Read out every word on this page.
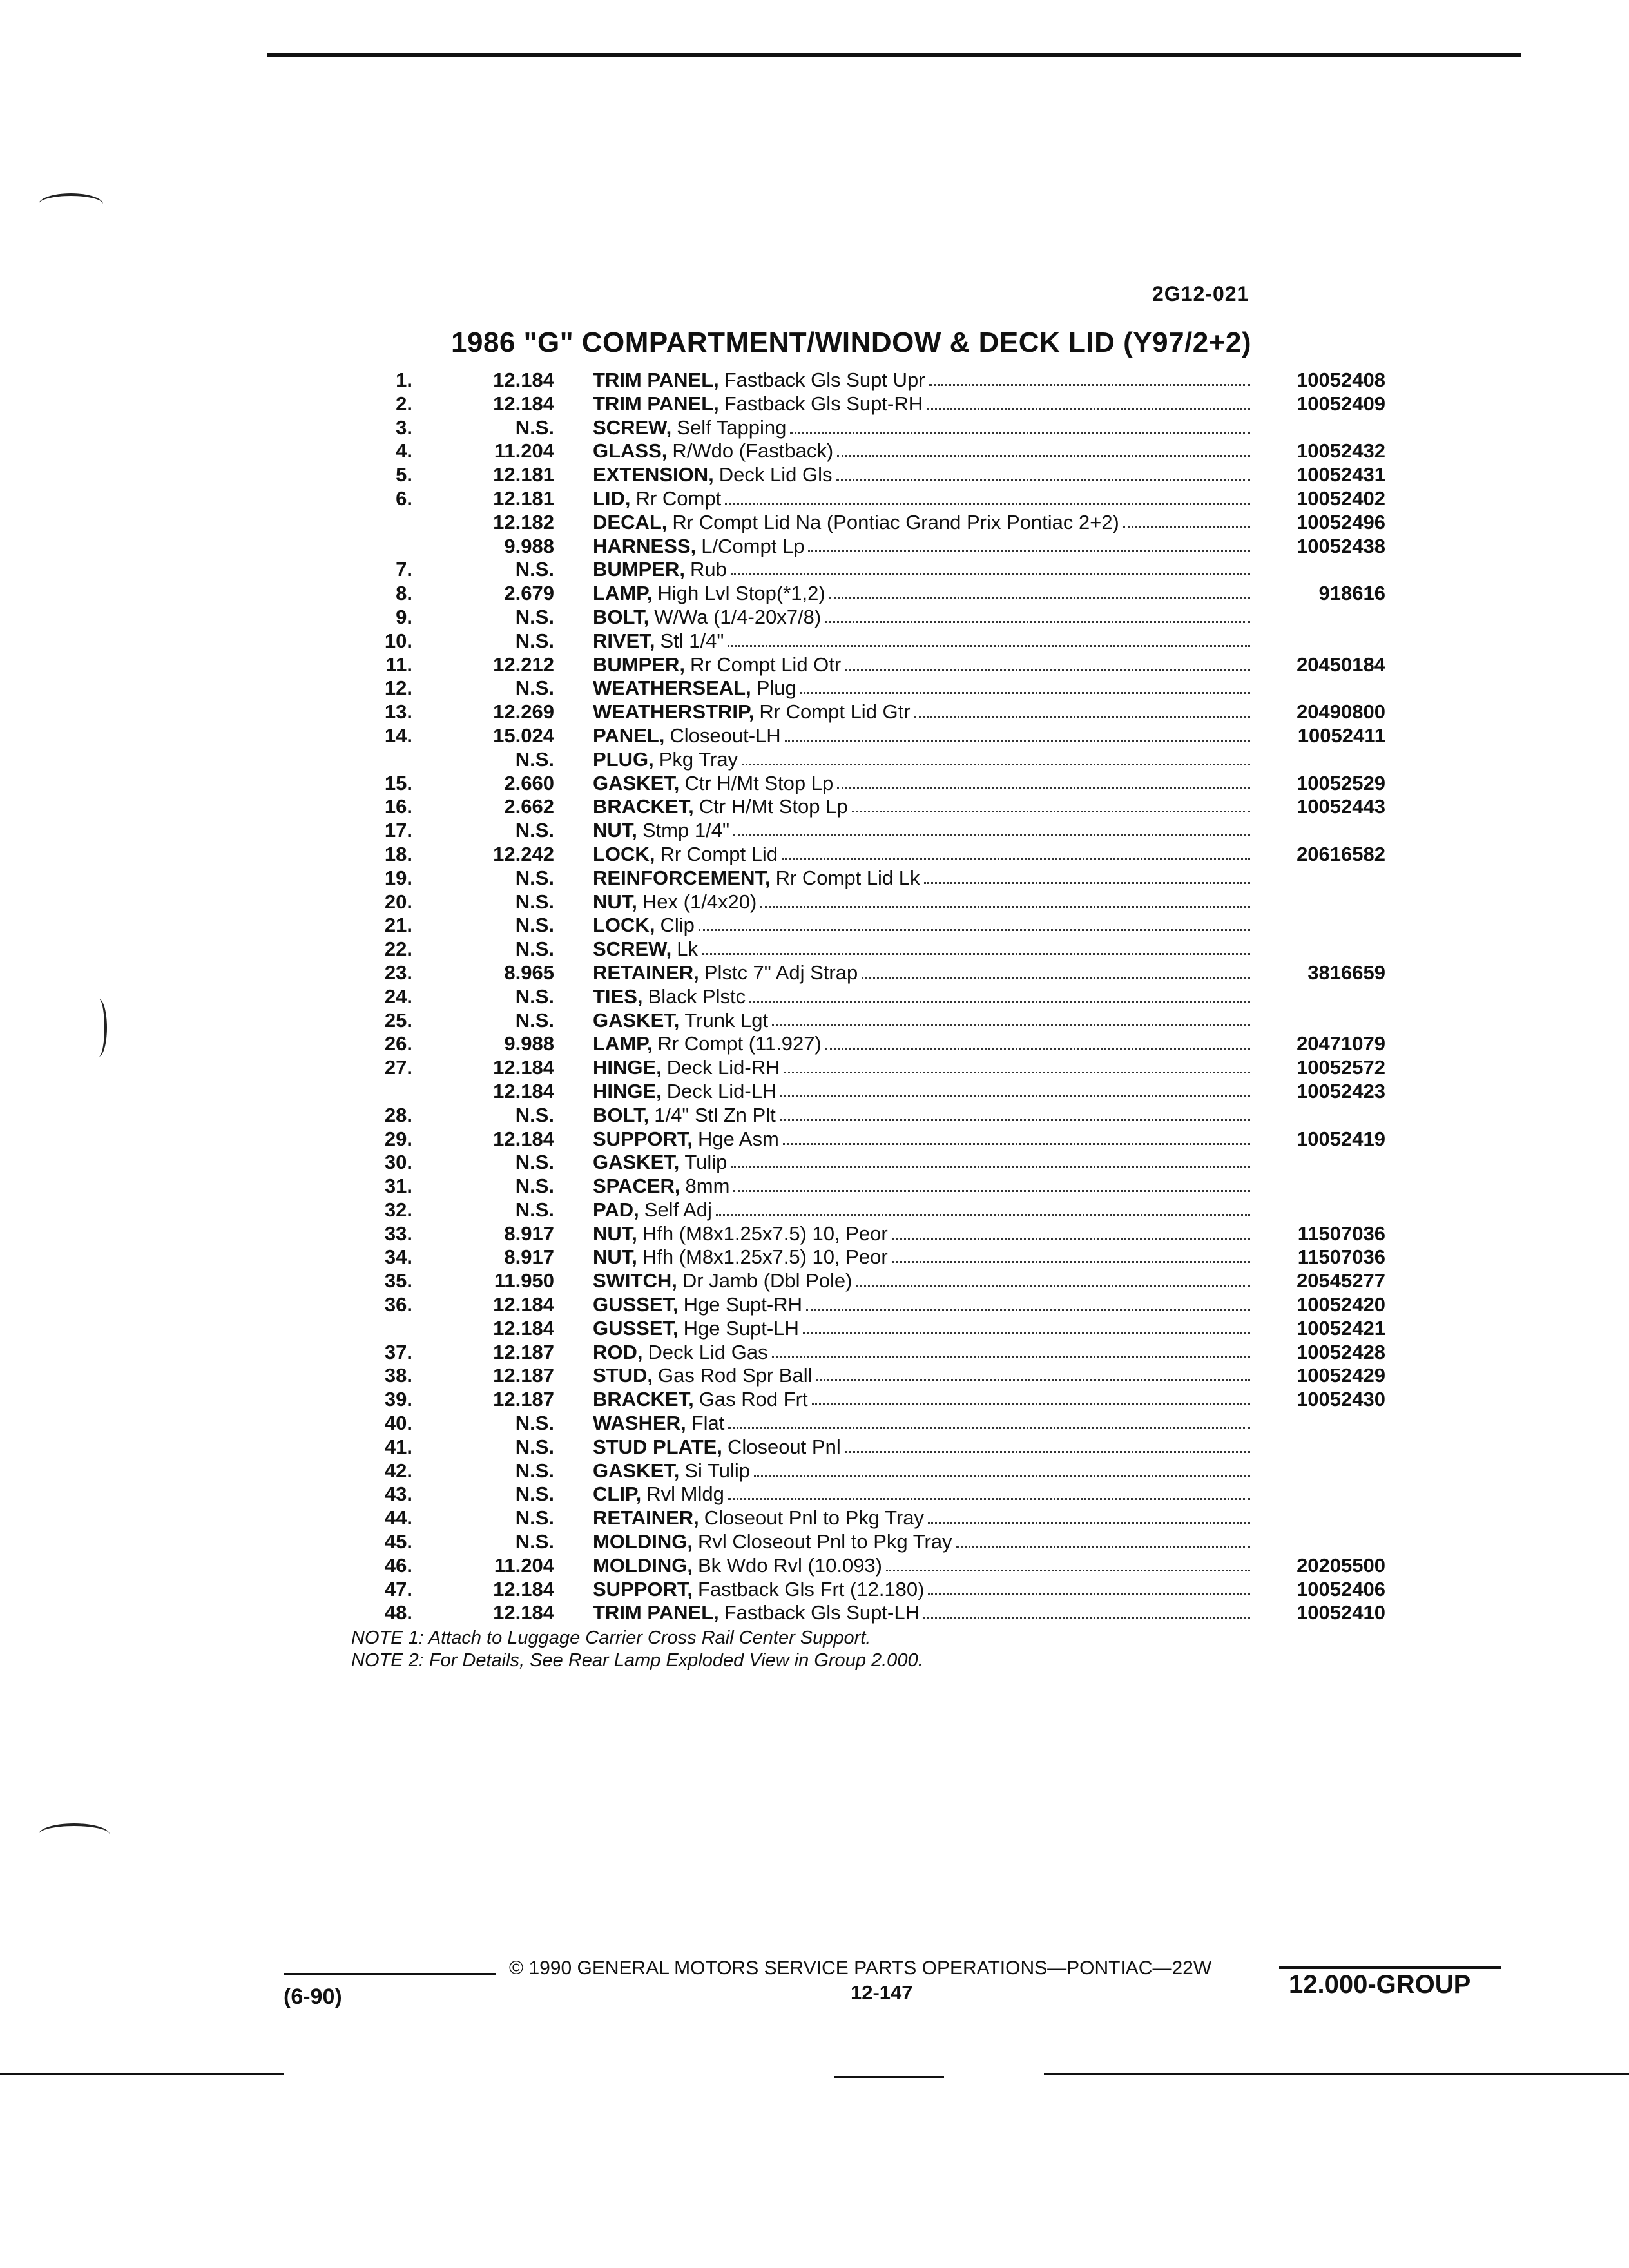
2G12-021
1986 "G" COMPARTMENT/WINDOW & DECK LID (Y97/2+2)
1.	12.184 TRIM PANEL, Fastback Gls Supt Upr	10052408
2.	12.184 TRIM PANEL, Fastback Gls Supt-RH	10052409
3.	N.S. SCREW, Self Tapping
4.	11.204 GLASS, R/Wdo (Fastback)	10052432
5.	12.181 EXTENSION, Deck Lid Gls	10052431
6.	12.181 LID, Rr Compt	10052402
12.182 DECAL, Rr Compt Lid Na (Pontiac Grand Prix Pontiac 2+2)	10052496
9.988 HARNESS, L/Compt Lp	10052438
7.	N.S. BUMPER, Rub
8.	2.679 LAMP, High Lvl Stop(*1,2)	918616
9.	N.S. BOLT, W/Wa (1/4-20x7/8)
10.	N.S. RIVET, Stl 1/4"
11.	12.212 BUMPER, Rr Compt Lid Otr	20450184
12.	N.S. WEATHERSEAL, Plug
13.	12.269 WEATHERSTRIP, Rr Compt Lid Gtr	20490800
14.	15.024 PANEL, Closeout-LH	10052411
N.S. PLUG, Pkg Tray
15.	2.660 GASKET, Ctr H/Mt Stop Lp	10052529
16.	2.662 BRACKET, Ctr H/Mt Stop Lp	10052443
17.	N.S. NUT, Stmp 1/4"
18.	12.242 LOCK, Rr Compt Lid	20616582
19.	N.S. REINFORCEMENT, Rr Compt Lid Lk
20.	N.S. NUT, Hex (1/4x20)
21.	N.S. LOCK, Clip
22.	N.S. SCREW, Lk
23.	8.965 RETAINER, Plstc 7" Adj Strap	3816659
24.	N.S. TIES, Black Plstc
25.	N.S. GASKET, Trunk Lgt
26.	9.988 LAMP, Rr Compt (11.927)	20471079
27.	12.184 HINGE, Deck Lid-RH	10052572
12.184 HINGE, Deck Lid-LH	10052423
28.	N.S. BOLT, 1/4" Stl Zn Plt
29.	12.184 SUPPORT, Hge Asm	10052419
30.	N.S. GASKET, Tulip
31.	N.S. SPACER, 8mm
32.	N.S. PAD, Self Adj
33.	8.917 NUT, Hfh (M8x1.25x7.5) 10, Peor	11507036
34.	8.917 NUT, Hfh (M8x1.25x7.5) 10, Peor	11507036
35.	11.950 SWITCH, Dr Jamb (Dbl Pole)	20545277
36.	12.184 GUSSET, Hge Supt-RH	10052420
12.184 GUSSET, Hge Supt-LH	10052421
37.	12.187 ROD, Deck Lid Gas	10052428
38.	12.187 STUD, Gas Rod Spr Ball	10052429
39.	12.187 BRACKET, Gas Rod Frt	10052430
40.	N.S. WASHER, Flat
41.	N.S. STUD PLATE, Closeout Pnl
42.	N.S. GASKET, Si Tulip
43.	N.S. CLIP, Rvl Mldg
44.	N.S. RETAINER, Closeout Pnl to Pkg Tray
45.	N.S. MOLDING, Rvl Closeout Pnl to Pkg Tray
46.	11.204 MOLDING, Bk Wdo Rvl (10.093)	20205500
47.	12.184 SUPPORT, Fastback Gls Frt (12.180)	10052406
48.	12.184 TRIM PANEL, Fastback Gls Supt-LH	10052410
NOTE 1: Attach to Luggage Carrier Cross Rail Center Support.
NOTE 2: For Details, See Rear Lamp Exploded View in Group 2.000.
© 1990 GENERAL MOTORS SERVICE PARTS OPERATIONS—PONTIAC—22W
(6-90)	12-147	12.000-GROUP
